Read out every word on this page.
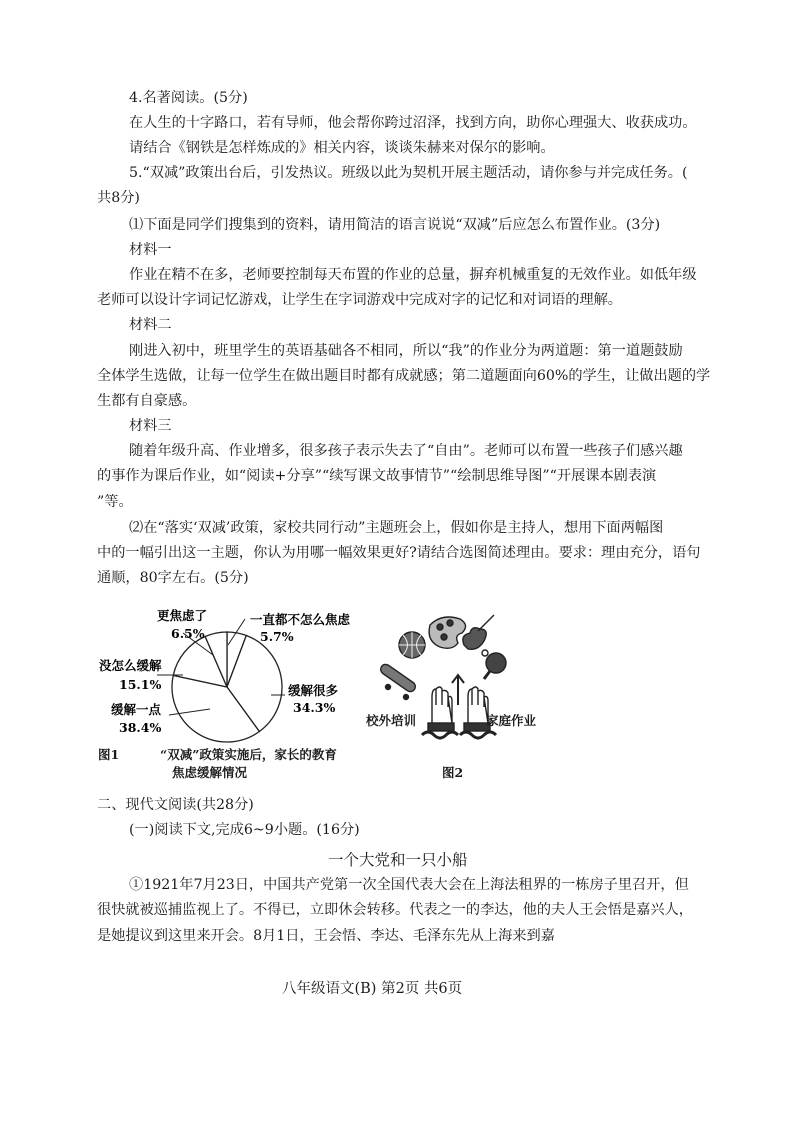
4.名著阅读。(5分)
在人生的十字路口，若有导师，他会帮你跨过沼泽，找到方向，助你心理强大、收获成功。
请结合《钢铁是怎样炼成的》相关内容，谈谈朱赫来对保尔的影响。
5.“双减”政策出台后，引发热议。班级以此为契机开展主题活动，请你参与并完成任务。(
共8分)
⑴下面是同学们搜集到的资料，请用简洁的语言说说“双减”后应怎么布置作业。(3分)
材料一
作业在精不在多，老师要控制每天布置的作业的总量，摒弃机械重复的无效作业。如低年级
老师可以设计字词记忆游戏，让学生在字词游戏中完成对字的记忆和对词语的理解。
材料二
刚进入初中，班里学生的英语基础各不相同，所以“我”的作业分为两道题：第一道题鼓励
全体学生选做，让每一位学生在做出题目时都有成就感；第二道题面向60%的学生，让做出题的学
生都有自豪感。
材料三
随着年级升高、作业增多，很多孩子表示失去了“自由”。老师可以布置一些孩子们感兴趣
的事作为课后作业，如“阅读+分享”“续写课文故事情节”“绘制思维导图”“开展课本剧表演
”等。
⑵在“落实‘双减’政策，家校共同行动”主题班会上，假如你是主持人，想用下面两幅图
中的一幅引出这一主题，你认为用哪一幅效果更好?请结合选图简述理由。要求：理由充分，语句
通顺，80字左右。(5分)
更焦虑了
6.5%
一直都不怎么焦虑
5.7%
没怎么缓解
15.1%	缓解很多
34.3%
缓解一点
38.4%
图1	“双减”政策实施后，家长的教育
焦虑缓解情况
校外培训	家庭作业
图2
二、现代文阅读(共28分)
(一)阅读下文,完成6~9小题。(16分)
一个大党和一只小船
①1921年7月23日，中国共产党第一次全国代表大会在上海法租界的一栋房子里召开，但
很快就被巡捕监视上了。不得已，立即休会转移。代表之一的李达，他的夫人王会悟是嘉兴人，
是她提议到这里来开会。8月1日，王会悟、李达、毛泽东先从上海来到嘉
八年级语文(B) 第2页 共6页
